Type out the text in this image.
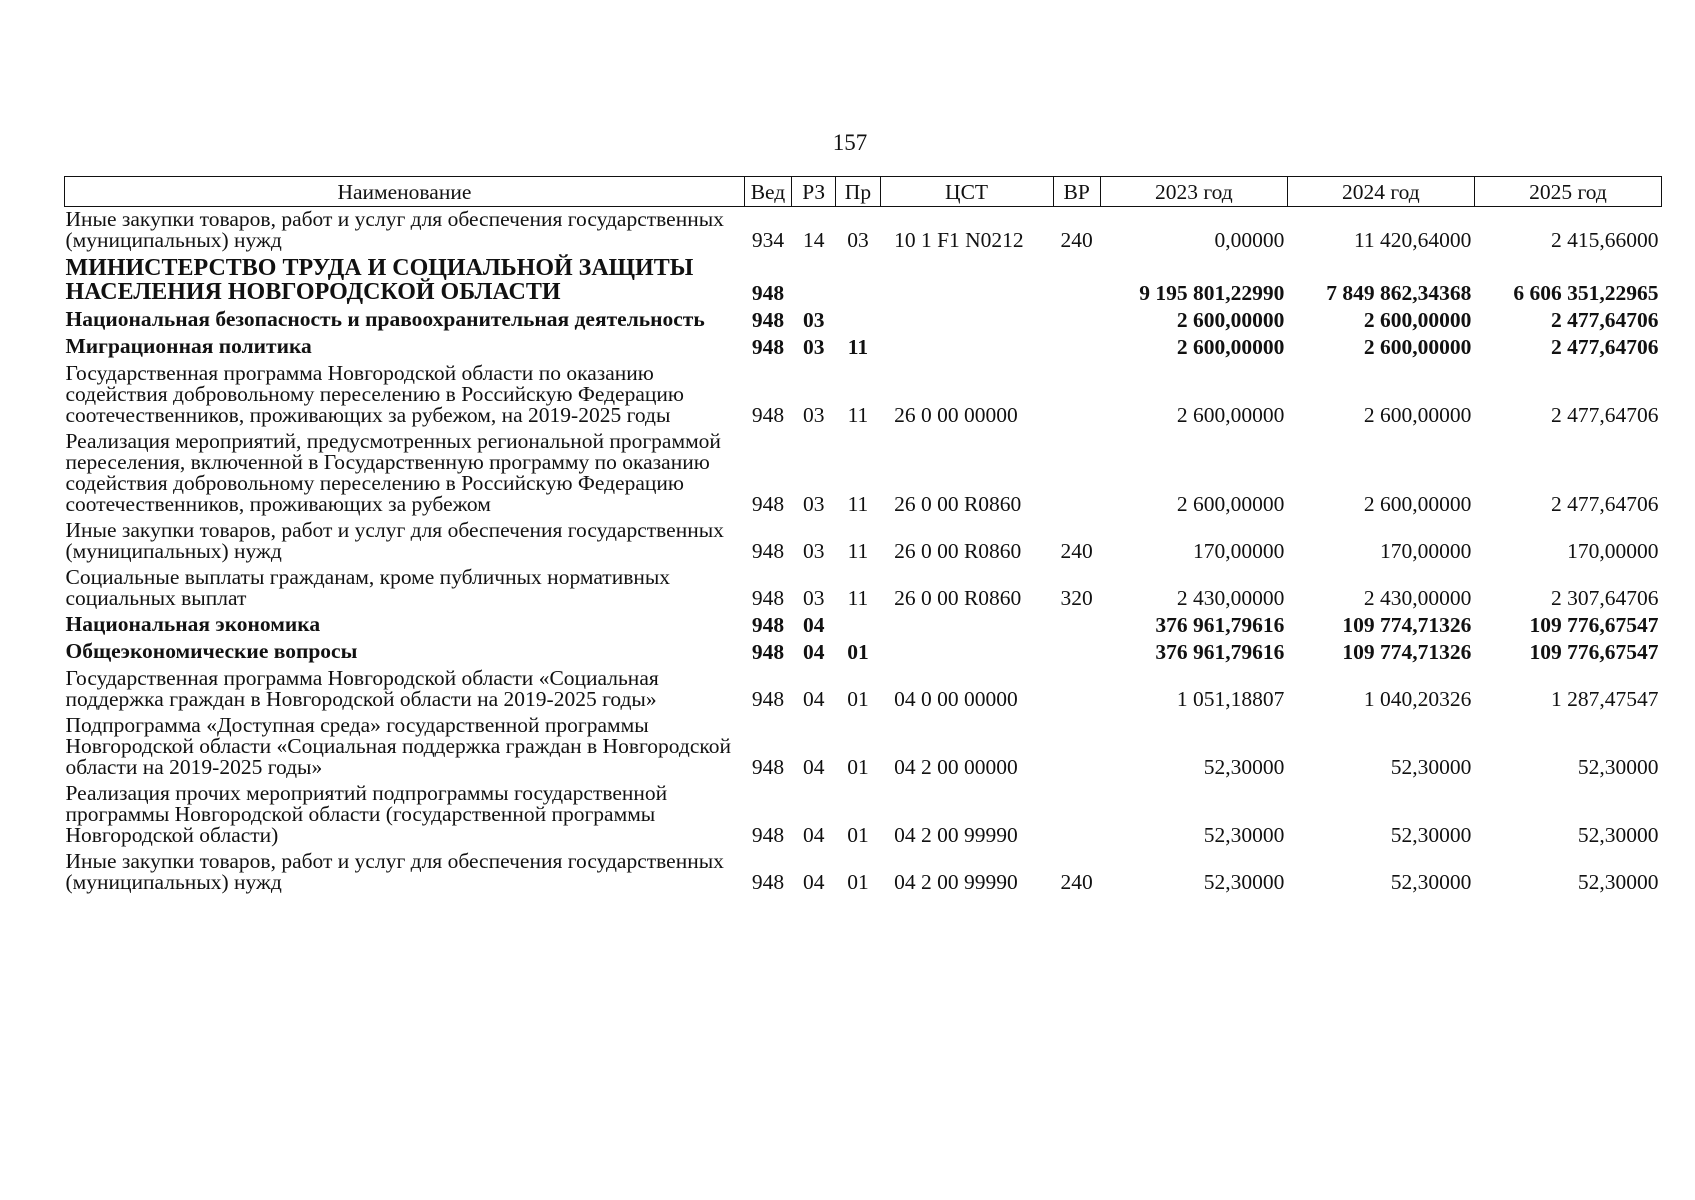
157
Наименование	Вед	РЗ	Пр	ЦСТ	ВР	2023 год	2024 год	2025 год
Иные закупки товаров, работ и услуг для обеспечения государственных (муниципальных) нужд	934	14	03	10 1 F1 N0212	240	0,00000	11 420,64000	2 415,66000
МИНИСТЕРСТВО ТРУДА И СОЦИАЛЬНОЙ ЗАЩИТЫ НАСЕЛЕНИЯ НОВГОРОДСКОЙ ОБЛАСТИ	948					9 195 801,22990	7 849 862,34368	6 606 351,22965
Национальная безопасность и правоохранительная деятельность	948	03				2 600,00000	2 600,00000	2 477,64706
Миграционная политика	948	03	11			2 600,00000	2 600,00000	2 477,64706
Государственная программа Новгородской области по оказанию содействия добровольному переселению в Российскую Федерацию соотечественников, проживающих за рубежом, на 2019-2025 годы	948	03	11	26 0 00 00000		2 600,00000	2 600,00000	2 477,64706
Реализация мероприятий, предусмотренных региональной программой переселения, включенной в Государственную программу по оказанию содействия добровольному переселению в Российскую Федерацию соотечественников, проживающих за рубежом	948	03	11	26 0 00 R0860		2 600,00000	2 600,00000	2 477,64706
Иные закупки товаров, работ и услуг для обеспечения государственных (муниципальных) нужд	948	03	11	26 0 00 R0860	240	170,00000	170,00000	170,00000
Социальные выплаты гражданам, кроме публичных нормативных социальных выплат	948	03	11	26 0 00 R0860	320	2 430,00000	2 430,00000	2 307,64706
Национальная экономика	948	04				376 961,79616	109 774,71326	109 776,67547
Общеэкономические вопросы	948	04	01			376 961,79616	109 774,71326	109 776,67547
Государственная программа Новгородской области «Социальная поддержка граждан в Новгородской области на 2019-2025 годы»	948	04	01	04 0 00 00000		1 051,18807	1 040,20326	1 287,47547
Подпрограмма «Доступная среда» государственной программы Новгородской области «Социальная поддержка граждан в Новгородской области на 2019-2025 годы»	948	04	01	04 2 00 00000		52,30000	52,30000	52,30000
Реализация прочих мероприятий подпрограммы государственной программы Новгородской области (государственной программы Новгородской области)	948	04	01	04 2 00 99990		52,30000	52,30000	52,30000
Иные закупки товаров, работ и услуг для обеспечения государственных (муниципальных) нужд	948	04	01	04 2 00 99990	240	52,30000	52,30000	52,30000
